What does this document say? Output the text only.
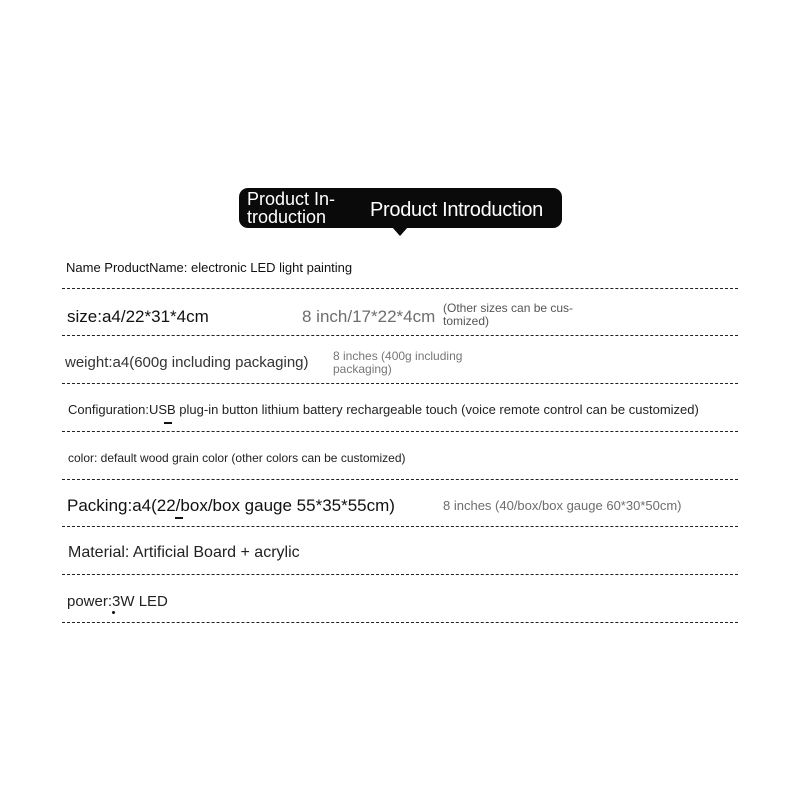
Product In-
troduction	Product Introduction
Name ProductName: electronic LED light painting
size:a4/22*31*4cm	8 inch/17*22*4cm (Other sizes can be cus-
tomized)
weight:a4(600g including packaging) 8 inches (400g including
packaging)
Configuration:USB plug-in button lithium battery rechargeable touch (voice remote control can be customized)
color: default wood grain color (other colors can be customized)
Packing:a4(22/box/box gauge 55*35*55cm)	8 inches (40/box/box gauge 60*30*50cm)
Material: Artificial Board + acrylic
power:3W LED
